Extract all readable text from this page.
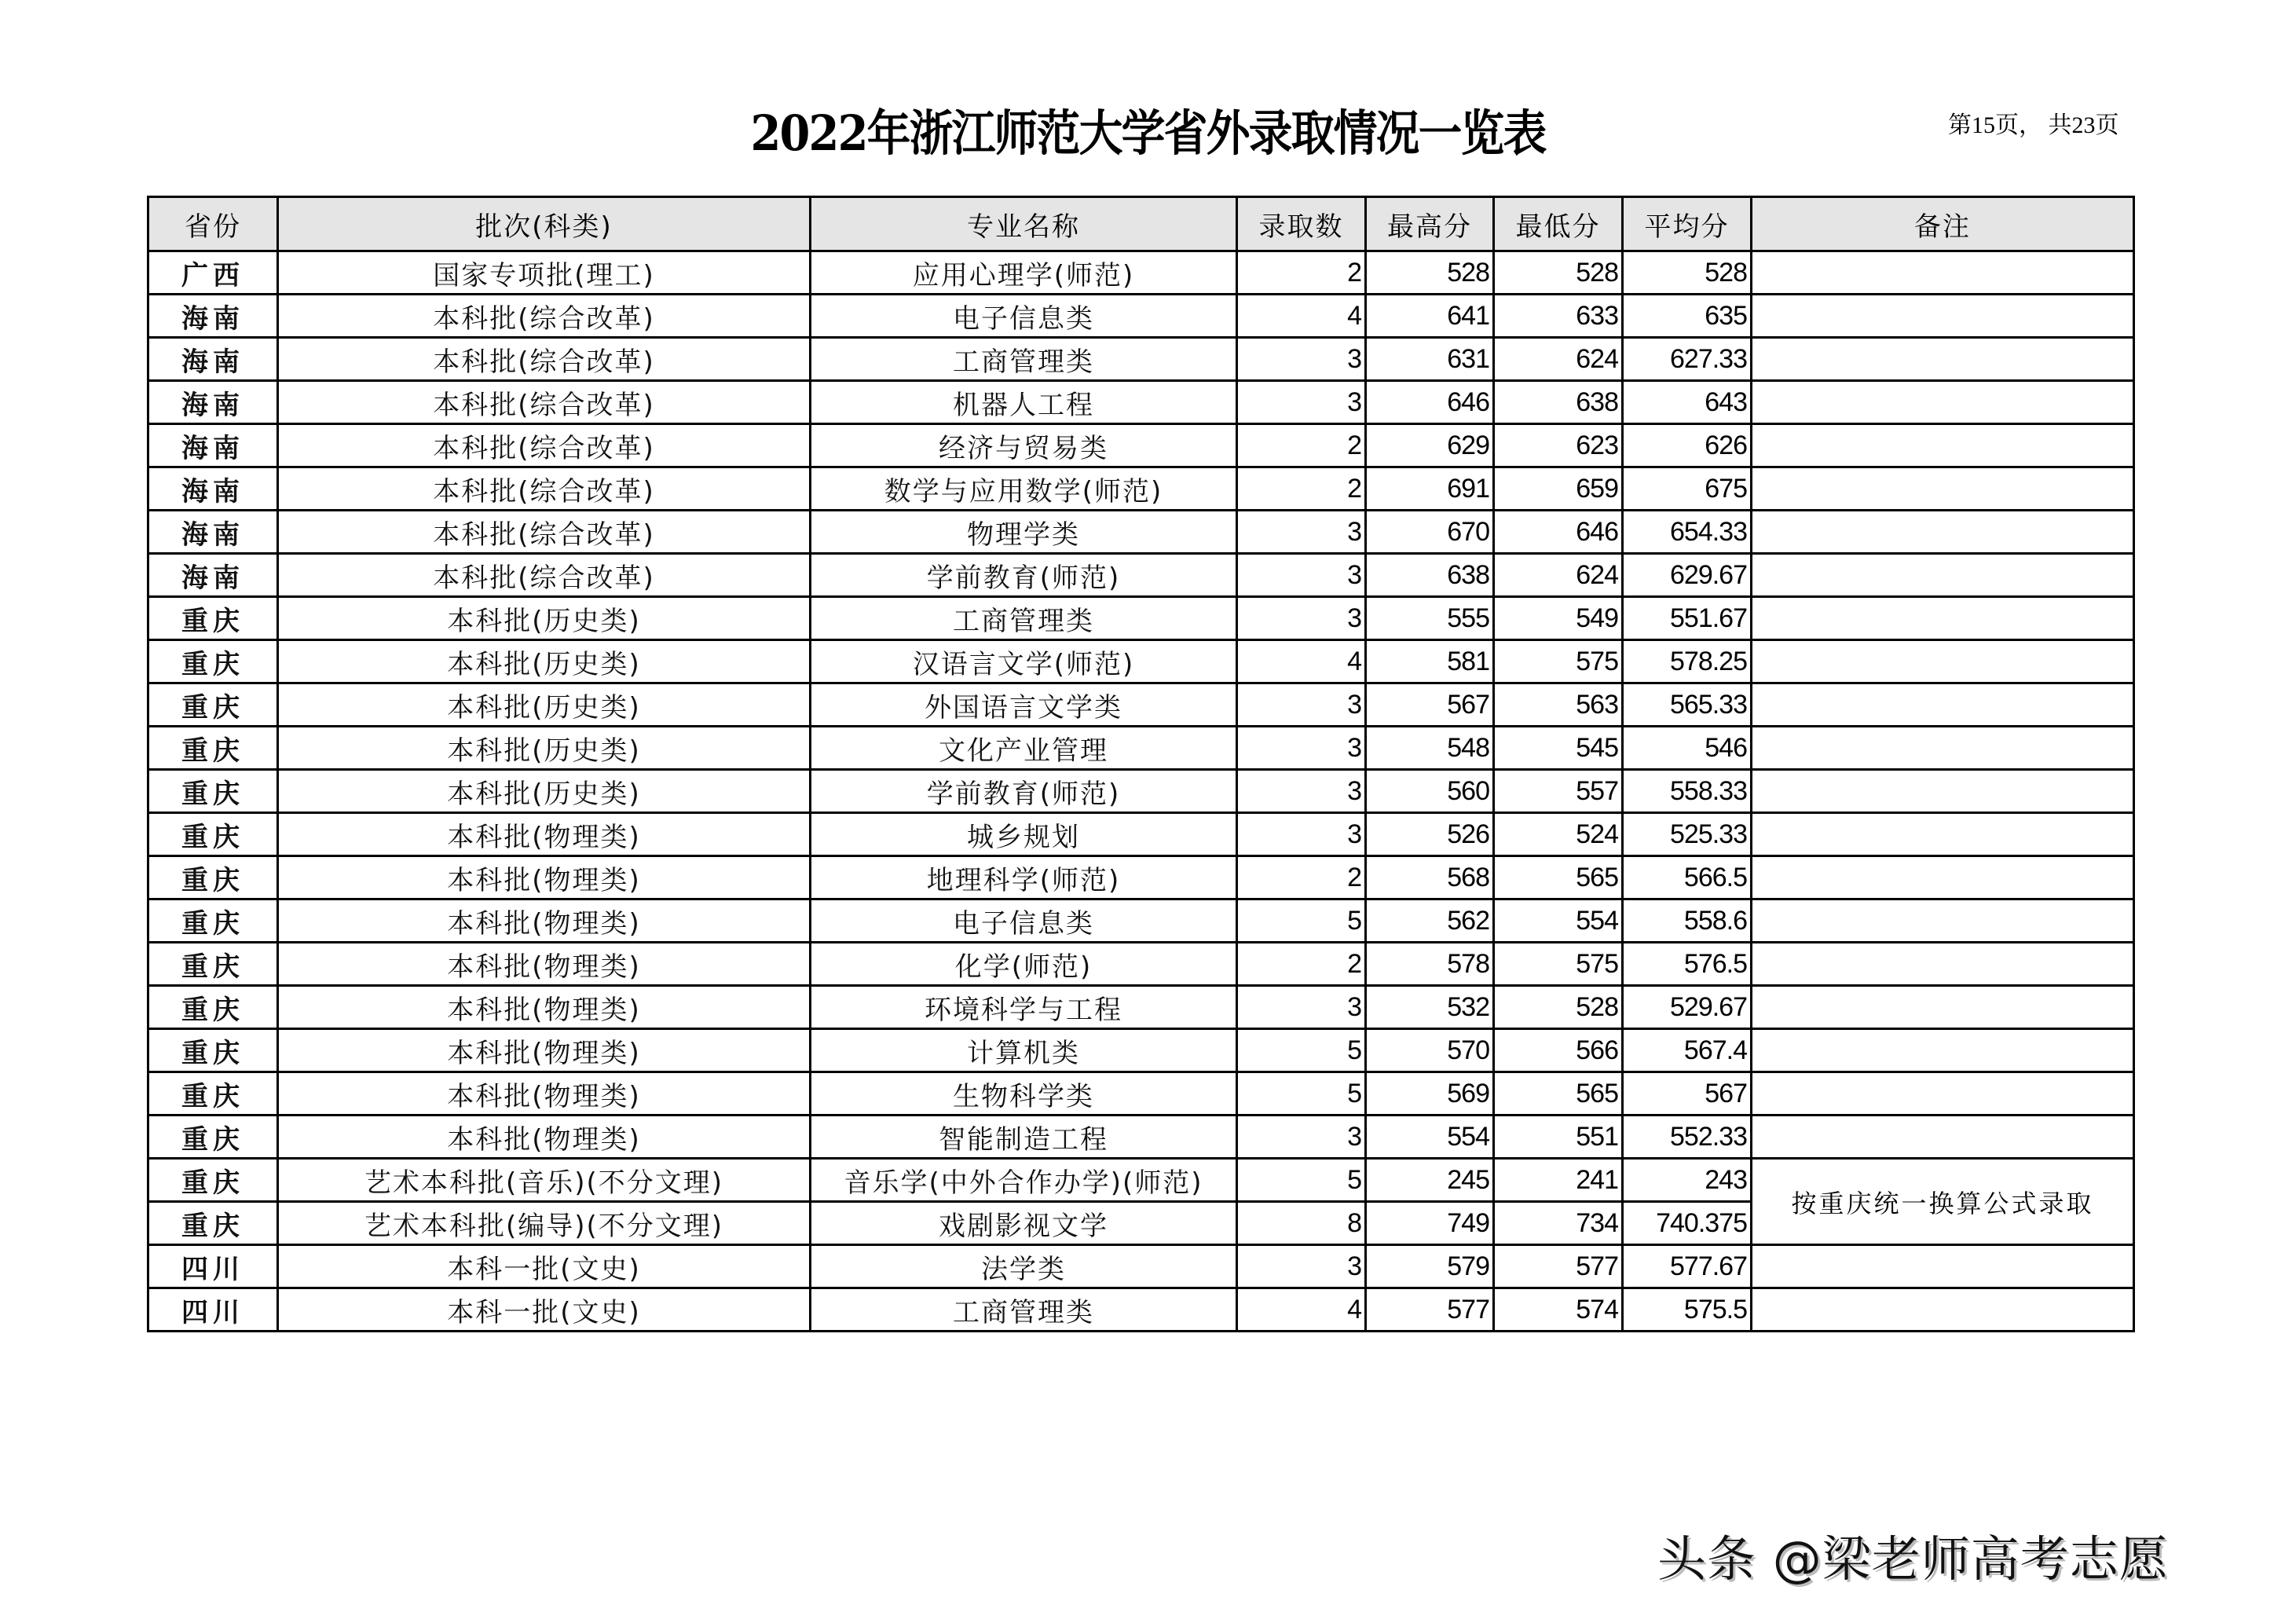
2022年浙江师范大学省外录取情况一览表	第15页， 共23页
省份	批次(科类)	专业名称	录取数	最高分	最低分	平均分	备注
广西	国家专项批(理工)	应用心理学(师范)	2	528	528	528	
海南	本科批(综合改革)	电子信息类	4	641	633	635	
海南	本科批(综合改革)	工商管理类	3	631	624	627.33	
海南	本科批(综合改革)	机器人工程	3	646	638	643	
海南	本科批(综合改革)	经济与贸易类	2	629	623	626	
海南	本科批(综合改革)	数学与应用数学(师范)	2	691	659	675	
海南	本科批(综合改革)	物理学类	3	670	646	654.33	
海南	本科批(综合改革)	学前教育(师范)	3	638	624	629.67	
重庆	本科批(历史类)	工商管理类	3	555	549	551.67	
重庆	本科批(历史类)	汉语言文学(师范)	4	581	575	578.25	
重庆	本科批(历史类)	外国语言文学类	3	567	563	565.33	
重庆	本科批(历史类)	文化产业管理	3	548	545	546	
重庆	本科批(历史类)	学前教育(师范)	3	560	557	558.33	
重庆	本科批(物理类)	城乡规划	3	526	524	525.33	
重庆	本科批(物理类)	地理科学(师范)	2	568	565	566.5	
重庆	本科批(物理类)	电子信息类	5	562	554	558.6	
重庆	本科批(物理类)	化学(师范)	2	578	575	576.5	
重庆	本科批(物理类)	环境科学与工程	3	532	528	529.67	
重庆	本科批(物理类)	计算机类	5	570	566	567.4	
重庆	本科批(物理类)	生物科学类	5	569	565	567	
重庆	本科批(物理类)	智能制造工程	3	554	551	552.33	
重庆	艺术本科批(音乐)(不分文理)	音乐学(中外合作办学)(师范)	5	245	241	243	按重庆统一换算公式录取
重庆	艺术本科批(编导)(不分文理)	戏剧影视文学	8	749	734	740.375	
四川	本科一批(文史)	法学类	3	579	577	577.67	
四川	本科一批(文史)	工商管理类	4	577	574	575.5	
头条 @梁老师高考志愿
